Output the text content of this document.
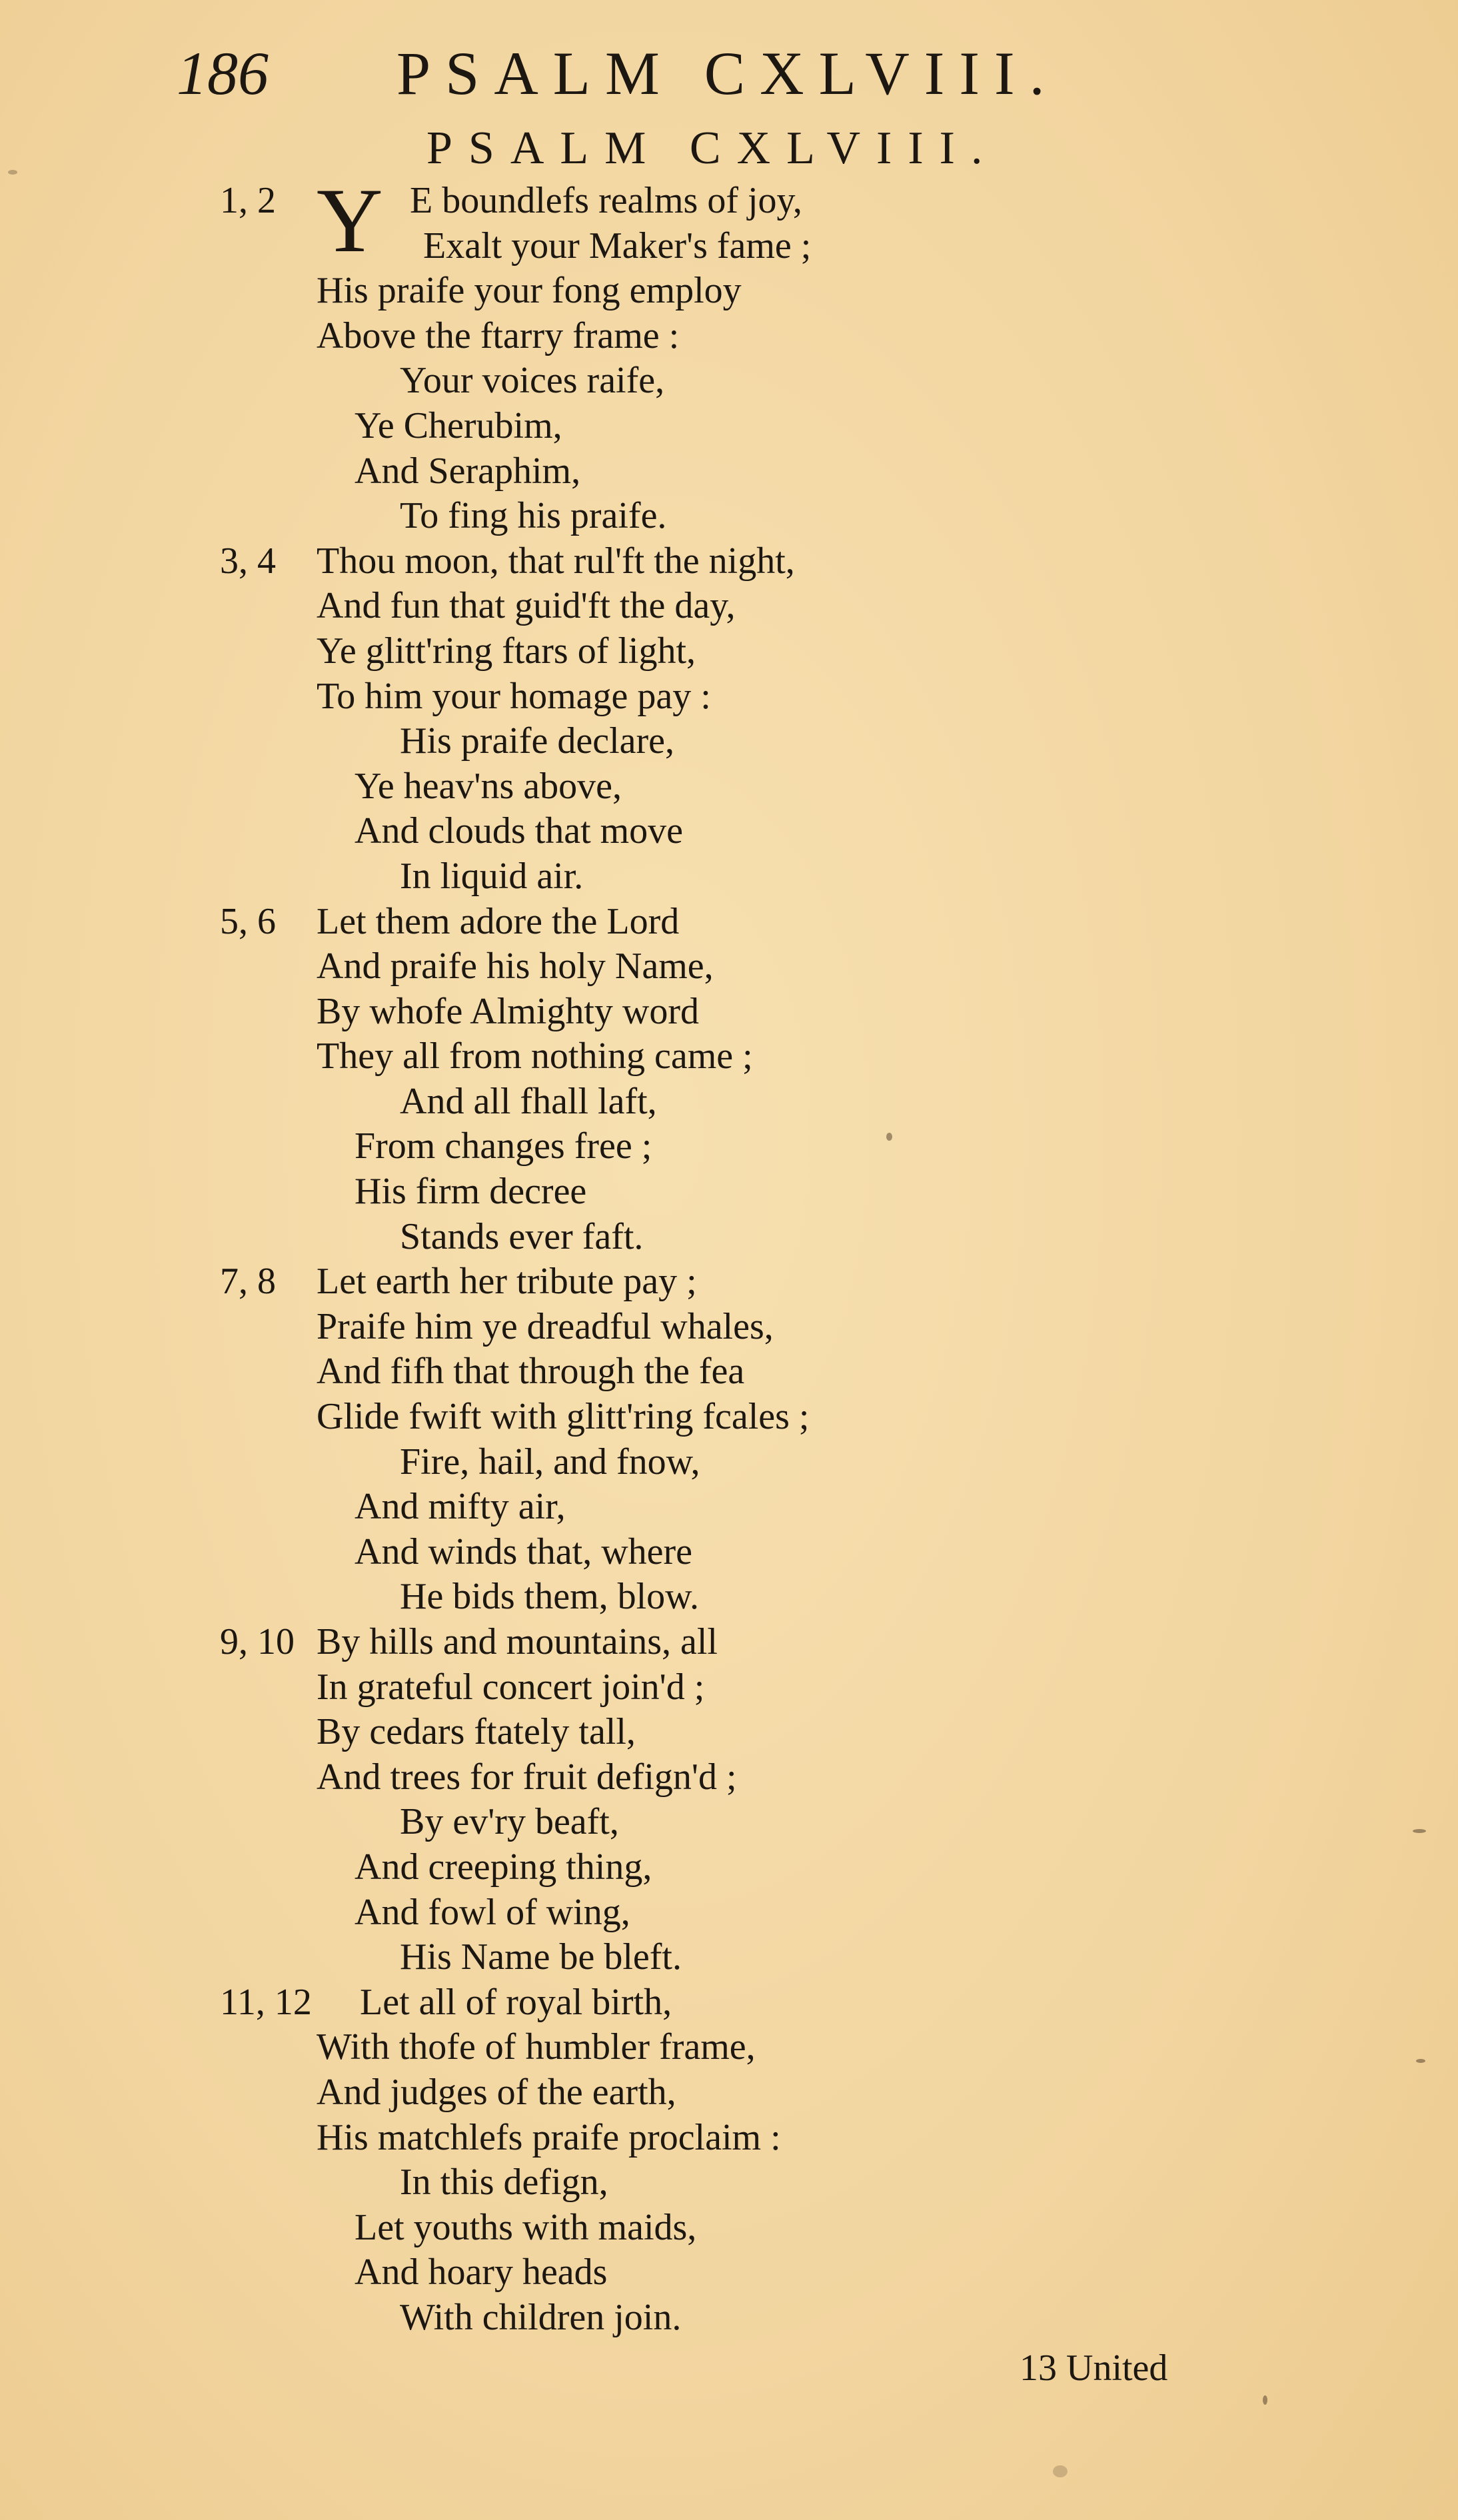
186 PSALM CXLVIII.
PSALM CXLVIII.
1, 2 Y E boundlefs realms of joy,
Exalt your Maker's fame ;
His praife your fong employ
Above the ftarry frame :
Your voices raife,
Ye Cherubim,
And Seraphim,
To fing his praife.
3, 4 Thou moon, that rul'ft the night,
And fun that guid'ft the day,
Ye glitt'ring ftars of light,
To him your homage pay :
His praife declare,
Ye heav'ns above,
And clouds that move
In liquid air.
5, 6 Let them adore the Lord
And praife his holy Name,
By whofe Almighty word
They all from nothing came ;
And all fhall laft,
From changes free ;
His firm decree
Stands ever faft.
7, 8 Let earth her tribute pay ;
Praife him ye dreadful whales,
And fifh that through the fea
Glide fwift with glitt'ring fcales ;
Fire, hail, and fnow,
And mifty air,
And winds that, where
He bids them, blow.
9, 10 By hills and mountains, all
In grateful concert join'd ;
By cedars ftately tall,
And trees for fruit defign'd ;
By ev'ry beaft,
And creeping thing,
And fowl of wing,
His Name be bleft.
11, 12 Let all of royal birth,
With thofe of humbler frame,
And judges of the earth,
His matchlefs praife proclaim :
In this defign,
Let youths with maids,
And hoary heads
With children join.
13 United
